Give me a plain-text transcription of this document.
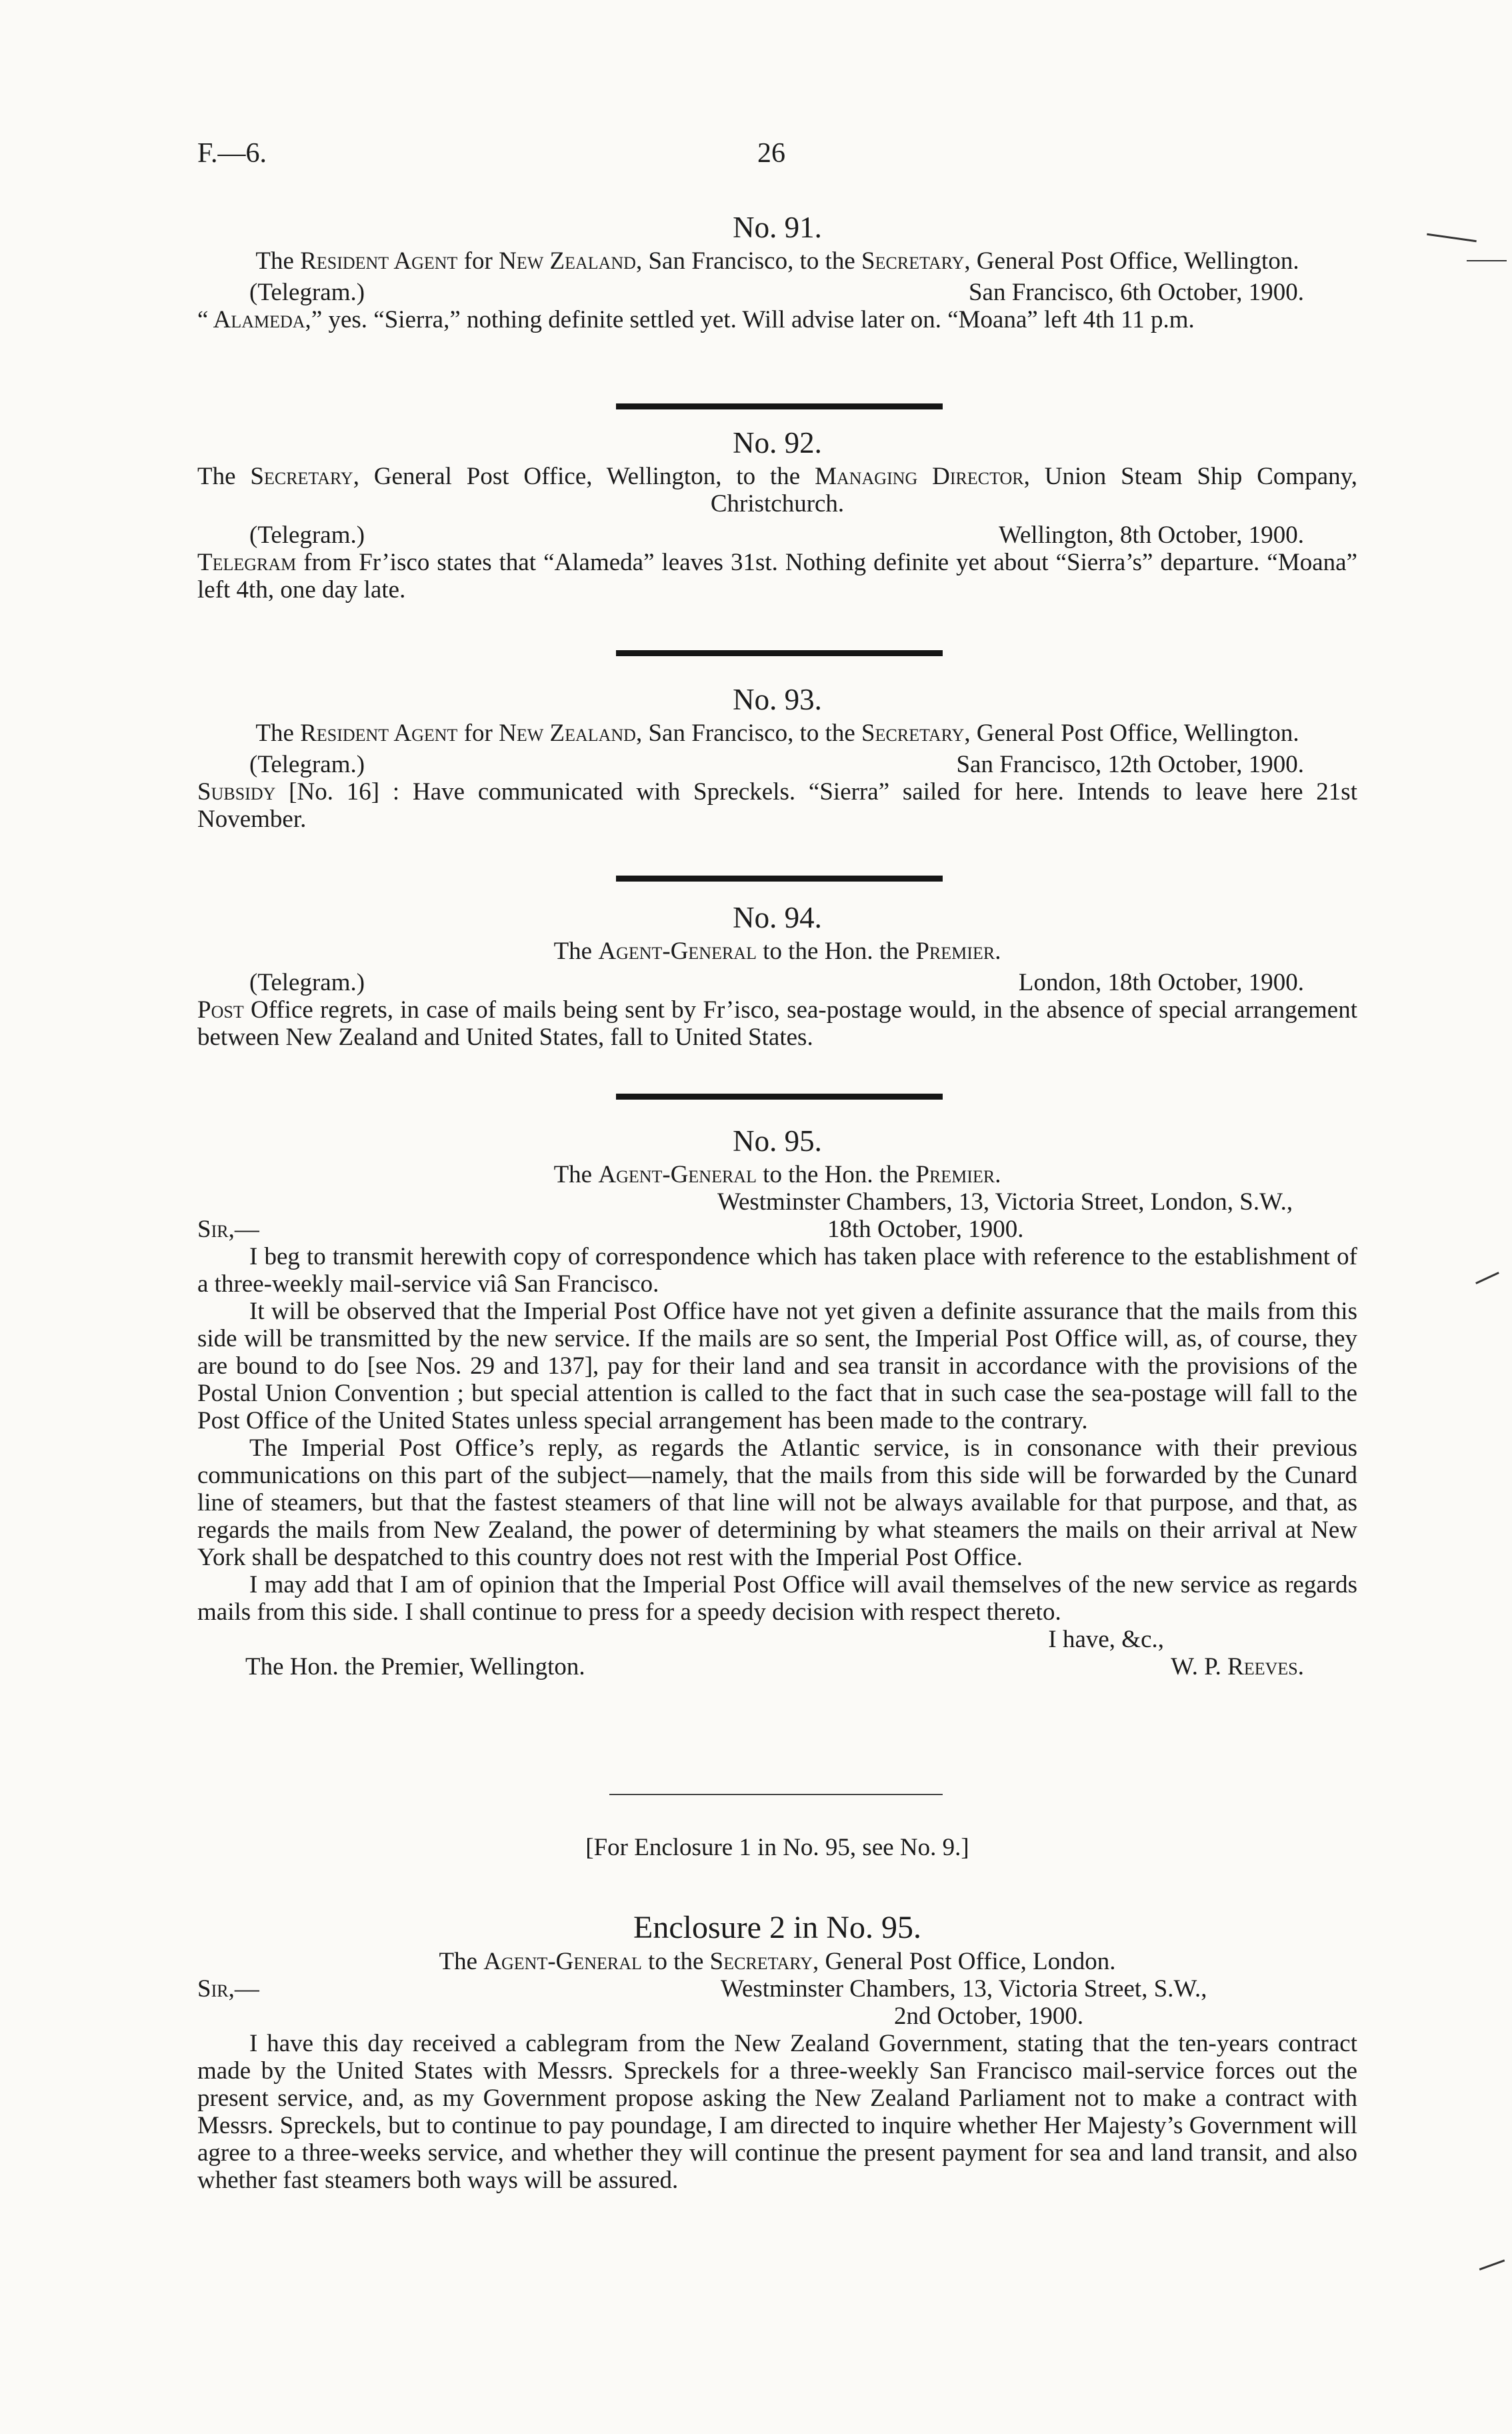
F.—6.	26
No. 91.
The Resident Agent for New Zealand, San Francisco, to the Secretary, General Post Office, Wellington.
(Telegram.)	San Francisco, 6th October, 1900.

“ Alameda,” yes. “Sierra,” nothing definite settled yet. Will advise later on. “Moana” left 4th 11 p.m.

No. 92.
The Secretary, General Post Office, Wellington, to the Managing Director, Union Steam Ship Company, Christchurch.
(Telegram.)	Wellington, 8th October, 1900.

Telegram from Fr’isco states that “Alameda” leaves 31st. Nothing definite yet about “Sierra’s” departure. “Moana” left 4th, one day late.

No. 93.
The Resident Agent for New Zealand, San Francisco, to the Secretary, General Post Office, Wellington.
(Telegram.)	San Francisco, 12th October, 1900.

Subsidy [No. 16] : Have communicated with Spreckels. “Sierra” sailed for here. Intends to leave here 21st November.

No. 94.
The Agent-General to the Hon. the Premier.
(Telegram.)	London, 18th October, 1900.

Post Office regrets, in case of mails being sent by Fr’isco, sea-postage would, in the absence of special arrangement between New Zealand and United States, fall to United States.

No. 95.
The Agent-General to the Hon. the Premier.
Westminster Chambers, 13, Victoria Street, London, S.W.,
Sir,—	18th October, 1900.

I beg to transmit herewith copy of correspondence which has taken place with reference to the establishment of a three-weekly mail-service viâ San Francisco.

It will be observed that the Imperial Post Office have not yet given a definite assurance that the mails from this side will be transmitted by the new service. If the mails are so sent, the Imperial Post Office will, as, of course, they are bound to do [see Nos. 29 and 137], pay for their land and sea transit in accordance with the provisions of the Postal Union Convention ; but special attention is called to the fact that in such case the sea-postage will fall to the Post Office of the United States unless special arrangement has been made to the contrary.

The Imperial Post Office’s reply, as regards the Atlantic service, is in consonance with their previous communications on this part of the subject—namely, that the mails from this side will be forwarded by the Cunard line of steamers, but that the fastest steamers of that line will not be always available for that purpose, and that, as regards the mails from New Zealand, the power of determining by what steamers the mails on their arrival at New York shall be despatched to this country does not rest with the Imperial Post Office.

I may add that I am of opinion that the Imperial Post Office will avail themselves of the new service as regards mails from this side. I shall continue to press for a speedy decision with respect thereto.

I have, &c.,
The Hon. the Premier, Wellington.	W. P. Reeves.
[For Enclosure 1 in No. 95, see No. 9.]
Enclosure 2 in No. 95.
The Agent-General to the Secretary, General Post Office, London.
Sir,—	Westminster Chambers, 13, Victoria Street, S.W.,
2nd October, 1900.

I have this day received a cablegram from the New Zealand Government, stating that the ten-years contract made by the United States with Messrs. Spreckels for a three-weekly San Francisco mail-service forces out the present service, and, as my Government propose asking the New Zealand Parliament not to make a contract with Messrs. Spreckels, but to continue to pay poundage, I am directed to inquire whether Her Majesty’s Government will agree to a three-weeks service, and whether they will continue the present payment for sea and land transit, and also whether fast steamers both ways will be assured.
